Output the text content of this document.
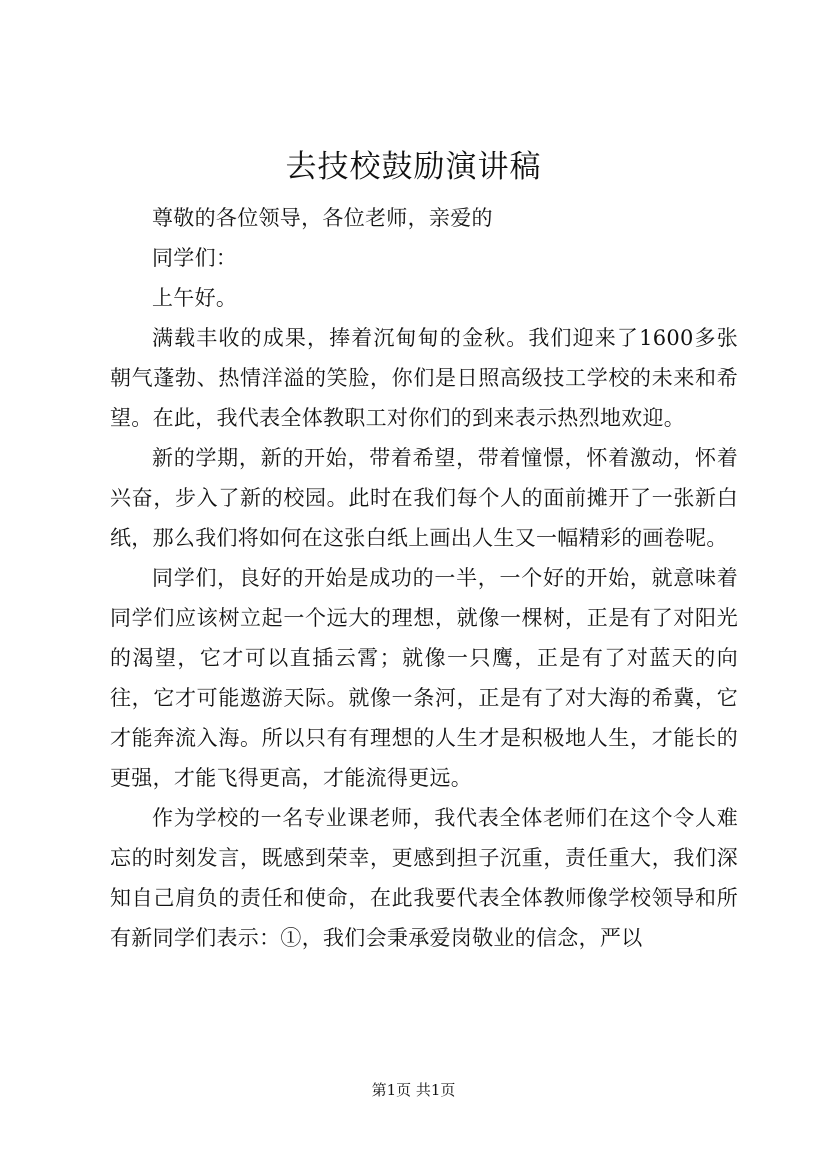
去技校鼓励演讲稿

尊敬的各位领导，各位老师，亲爱的

同学们：

上午好。

满载丰收的成果，捧着沉甸甸的金秋。我们迎来了1600多张朝气蓬勃、热情洋溢的笑脸，你们是日照高级技工学校的未来和希望。在此，我代表全体教职工对你们的到来表示热烈地欢迎。

新的学期，新的开始，带着希望，带着憧憬，怀着激动，怀着兴奋，步入了新的校园。此时在我们每个人的面前摊开了一张新白纸，那么我们将如何在这张白纸上画出人生又一幅精彩的画卷呢。

同学们，良好的开始是成功的一半，一个好的开始，就意味着同学们应该树立起一个远大的理想，就像一棵树，正是有了对阳光的渴望，它才可以直插云霄；就像一只鹰，正是有了对蓝天的向往，它才可能遨游天际。就像一条河，正是有了对大海的希冀，它才能奔流入海。所以只有有理想的人生才是积极地人生，才能长的更强，才能飞得更高，才能流得更远。

作为学校的一名专业课老师，我代表全体老师们在这个令人难忘的时刻发言，既感到荣幸，更感到担子沉重，责任重大，我们深知自己肩负的责任和使命，在此我要代表全体教师像学校领导和所有新同学们表示：①，我们会秉承爱岗敬业的信念，严以

第1页 共1页
